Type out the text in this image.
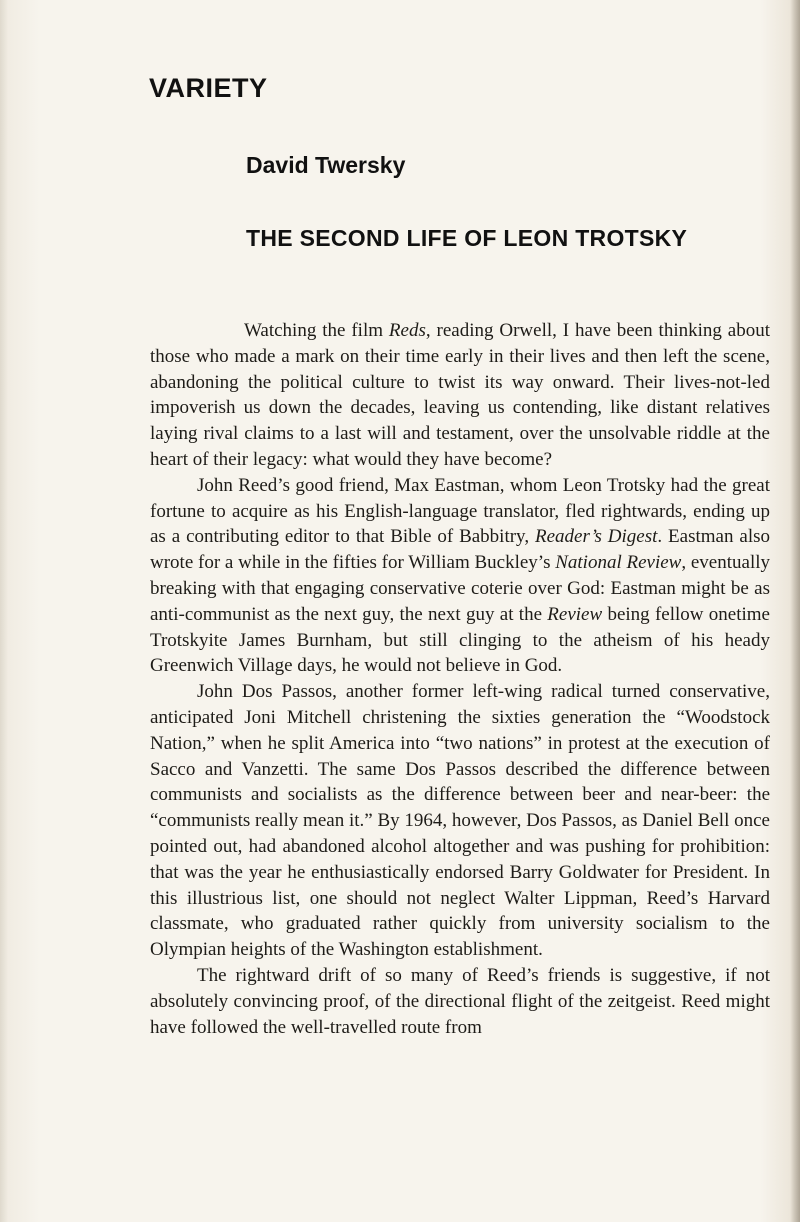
VARIETY
David Twersky
THE SECOND LIFE OF LEON TROTSKY

Watching the film Reds, reading Orwell, I have been thinking about those who made a mark on their time early in their lives and then left the scene, abandoning the political culture to twist its way onward. Their lives-not-led impoverish us down the decades, leaving us contending, like distant relatives laying rival claims to a last will and testament, over the unsolvable riddle at the heart of their legacy: what would they have become?

John Reed’s good friend, Max Eastman, whom Leon Trotsky had the great fortune to acquire as his English-language translator, fled rightwards, ending up as a contributing editor to that Bible of Babbitry, Reader’s Digest. Eastman also wrote for a while in the fifties for William Buckley’s National Review, eventually breaking with that engaging conservative coterie over God: Eastman might be as anti-communist as the next guy, the next guy at the Review being fellow onetime Trotskyite James Burnham, but still clinging to the atheism of his heady Greenwich Village days, he would not believe in God.

John Dos Passos, another former left-wing radical turned conservative, anticipated Joni Mitchell christening the sixties generation the “Woodstock Nation,” when he split America into “two nations” in protest at the execution of Sacco and Vanzetti. The same Dos Passos described the difference between communists and socialists as the difference between beer and near-beer: the “communists really mean it.” By 1964, however, Dos Passos, as Daniel Bell once pointed out, had abandoned alcohol altogether and was pushing for prohibition: that was the year he enthusiastically endorsed Barry Goldwater for President. In this illustrious list, one should not neglect Walter Lippman, Reed’s Harvard classmate, who graduated rather quickly from university socialism to the Olympian heights of the Washington establishment.

The rightward drift of so many of Reed’s friends is suggestive, if not absolutely convincing proof, of the directional flight of the zeitgeist. Reed might have followed the well-travelled route from
